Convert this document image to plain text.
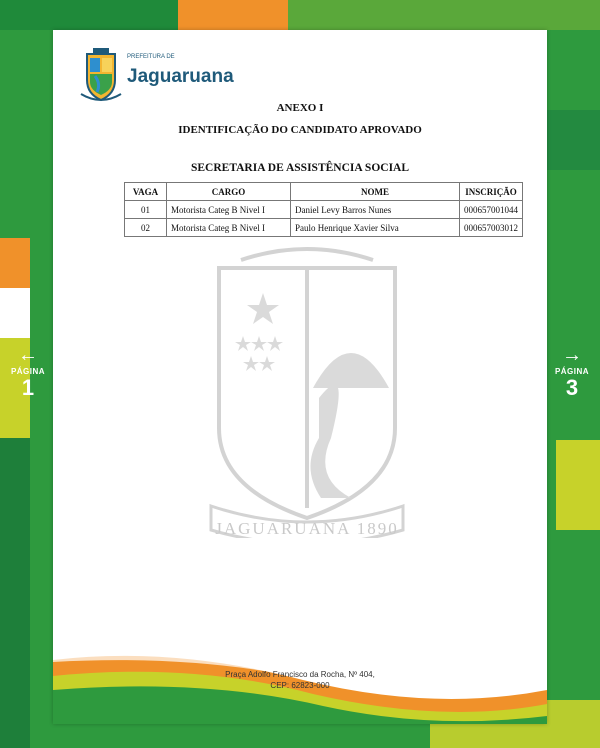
←
PÁGINA
1
→
PÁGINA
3
PREFEITURA DE
Jaguaruana
JAGUARUANA 1890
ANEXO I
IDENTIFICAÇÃO DO CANDIDATO APROVADO
SECRETARIA DE ASSISTÊNCIA SOCIAL
VAGA	CARGO	NOME	INSCRIÇÃO
01	Motorista Categ B Nivel I	Daniel Levy Barros Nunes	000657001044
02	Motorista Categ B Nivel I	Paulo Henrique Xavier Silva	000657003012
Praça Adolfo Francisco da Rocha, Nº 404,
CEP: 62823-000
